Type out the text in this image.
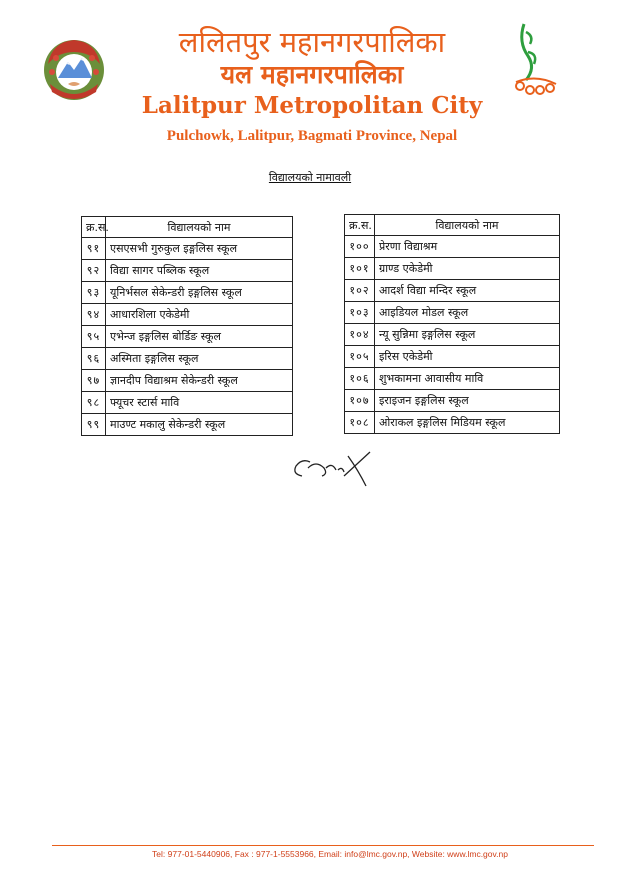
ललितपुर महानगरपालिका
यल महानगरपालिका
Lalitpur Metropolitan City
Pulchowk, Lalitpur, Bagmati Province, Nepal
विद्यालयको नामावली
क्र.स.	विद्यालयको नाम
९१	एसएसभी गुरुकुल इङ्गलिस स्कूल
९२	विद्या सागर पब्लिक स्कूल
९३	यूनिर्भसल सेकेन्डरी इङ्गलिस स्कूल
९४	आधारशिला एकेडेमी
९५	एभेन्ज इङ्गलिस बोर्डिङ स्कूल
९६	अस्मिता इङ्गलिस स्कूल
९७	ज्ञानदीप विद्याश्रम सेकेन्डरी स्कूल
९८	फ्यूचर स्टार्स मावि
९९	माउण्ट मकालु सेकेन्डरी स्कूल
क्र.स.	विद्यालयको नाम
१००	प्रेरणा विद्याश्रम
१०१	ग्राण्ड एकेडेमी
१०२	आदर्श विद्या मन्दिर स्कूल
१०३	आइडियल मोडल स्कूल
१०४	न्यू सुन्निमा इङ्गलिस स्कूल
१०५	इरिस एकेडेमी
१०६	शुभकामना आवासीय मावि
१०७	इराइजन इङ्गलिस स्कूल
१०८	ओराकल इङ्गलिस मिडियम स्कूल
Tel: 977-01-5440906, Fax : 977-1-5553966, Email: info@lmc.gov.np, Website: www.lmc.gov.np
